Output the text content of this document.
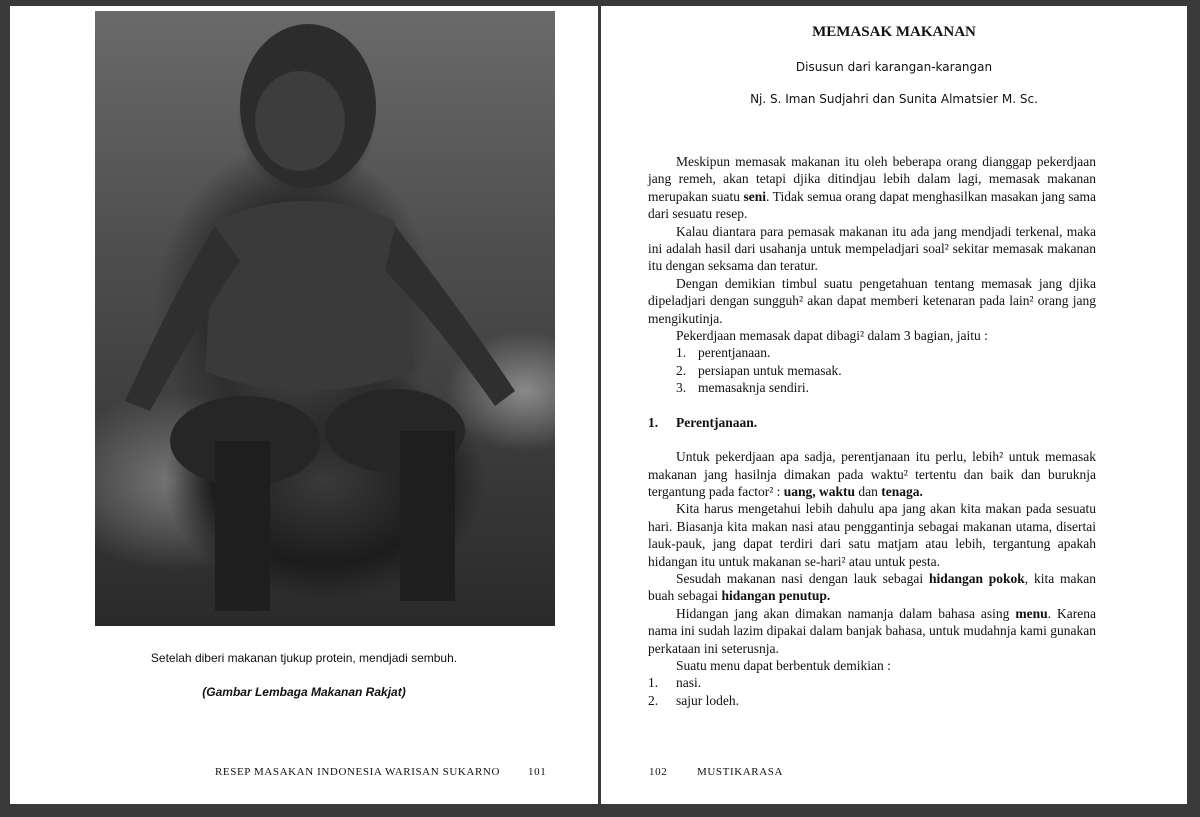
Setelah diberi makanan tjukup protein, mendjadi sembuh.
(Gambar Lembaga Makanan Rakjat)
RESEP MASAKAN INDONESIA WARISAN SUKARNO	101
MEMASAK MAKANAN
Disusun dari karangan-karangan
Nj. S. Iman Sudjahri dan Sunita Almatsier M. Sc.

Meskipun memasak makanan itu oleh beberapa orang dianggap pekerdjaan jang remeh, akan tetapi djika ditindjau lebih dalam lagi, memasak makanan merupakan suatu seni. Tidak semua orang dapat menghasilkan masakan jang sama dari sesuatu resep.

Kalau diantara para pemasak makanan itu ada jang mendjadi terkenal, maka ini adalah hasil dari usahanja untuk mempeladjari soal² sekitar memasak makanan itu dengan seksama dan teratur.

Dengan demikian timbul suatu pengetahuan tentang memasak jang djika dipeladjari dengan sungguh² akan dapat memberi ketenaran pada lain² orang jang mengikutinja.

Pekerdjaan memasak dapat dibagi² dalam 3 bagian, jaitu :

1. perentjanaan.
2. persiapan untuk memasak.
3. memasaknja sendiri.
1. Perentjanaan.

Untuk pekerdjaan apa sadja, perentjanaan itu perlu, lebih² untuk memasak makanan jang hasilnja dimakan pada waktu² tertentu dan baik dan buruknja tergantung pada factor² : uang, waktu dan tenaga.

Kita harus mengetahui lebih dahulu apa jang akan kita makan pada sesuatu hari. Biasanja kita makan nasi atau penggantinja sebagai makanan utama, disertai lauk-pauk, jang dapat terdiri dari satu matjam atau lebih, tergantung apakah hidangan itu untuk makanan se-hari² atau untuk pesta.

Sesudah makanan nasi dengan lauk sebagai hidangan pokok, kita makan buah sebagai hidangan penutup.

Hidangan jang akan dimakan namanja dalam bahasa asing menu. Karena nama ini sudah lazim dipakai dalam banjak bahasa, untuk mudahnja kami gunakan perkataan ini seterusnja.

Suatu menu dapat berbentuk demikian :

1. nasi.
2. sajur lodeh.
102	MUSTIKARASA
